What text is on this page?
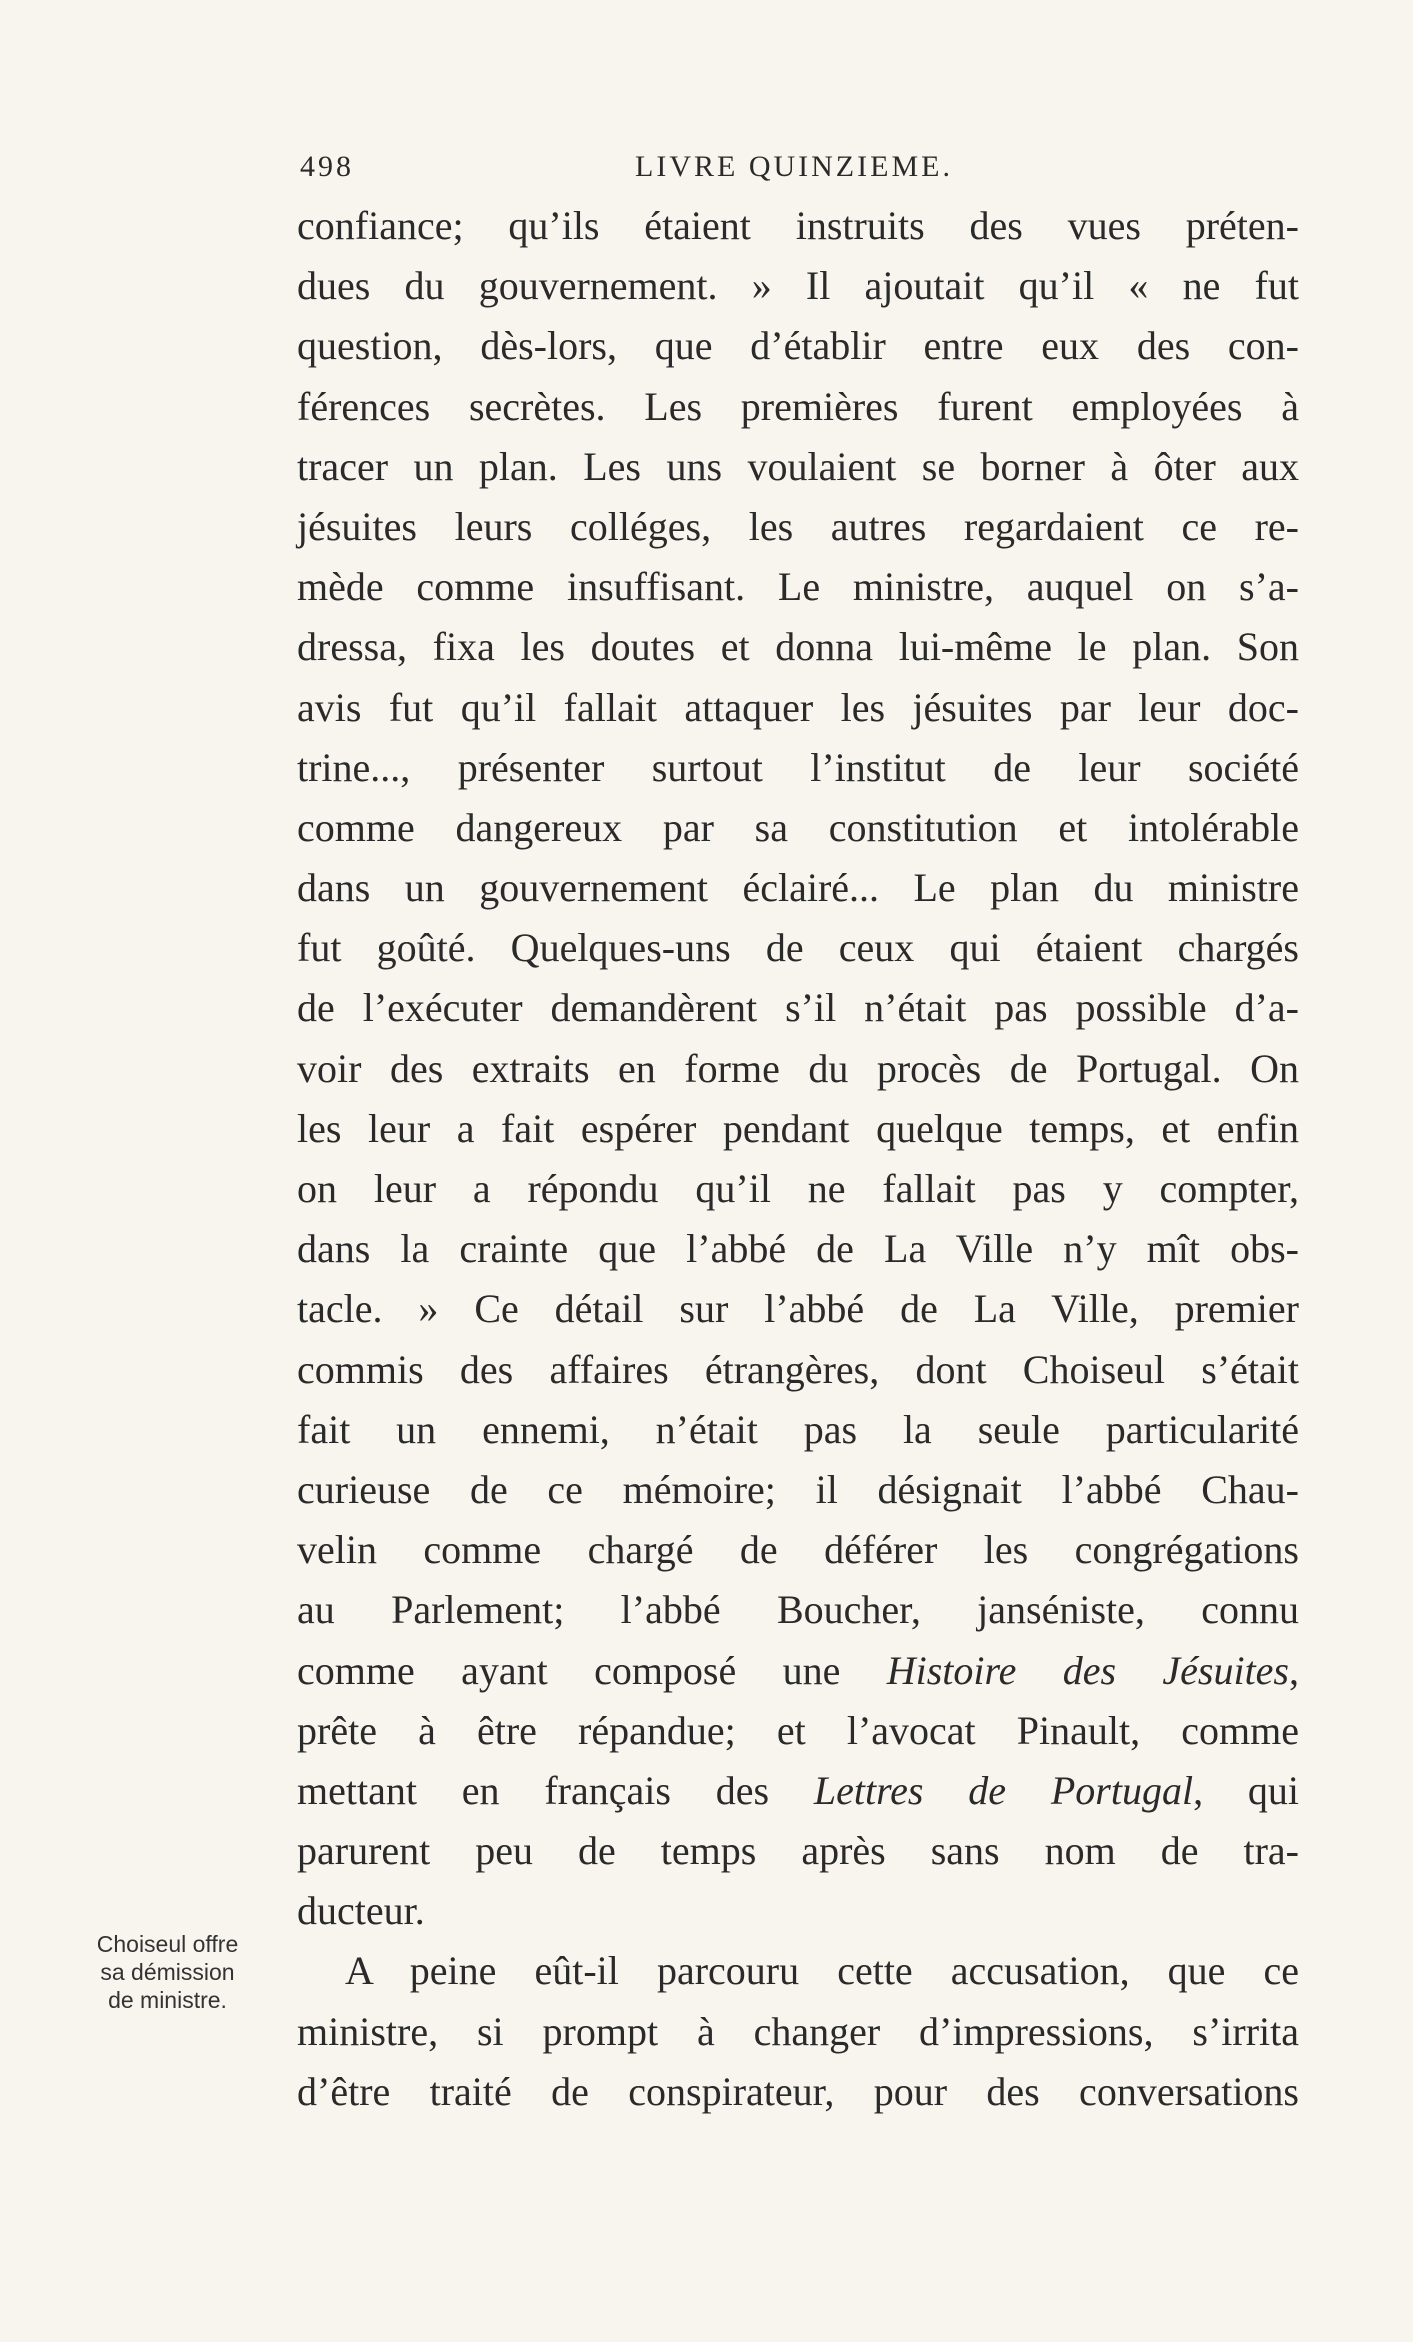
498	LIVRE QUINZIEME.
Choiseul offre
sa démission
de ministre.
confiance; qu’ils étaient instruits des vues préten-
dues du gouvernement. » Il ajoutait qu’il « ne fut
question, dès-lors, que d’établir entre eux des con-
férences secrètes. Les premières furent employées à
tracer un plan. Les uns voulaient se borner à ôter aux
jésuites leurs colléges, les autres regardaient ce re-
mède comme insuffisant. Le ministre, auquel on s’a-
dressa, fixa les doutes et donna lui-même le plan. Son
avis fut qu’il fallait attaquer les jésuites par leur doc-
trine..., présenter surtout l’institut de leur société
comme dangereux par sa constitution et intolérable
dans un gouvernement éclairé... Le plan du ministre
fut goûté. Quelques-uns de ceux qui étaient chargés
de l’exécuter demandèrent s’il n’était pas possible d’a-
voir des extraits en forme du procès de Portugal. On
les leur a fait espérer pendant quelque temps, et enfin
on leur a répondu qu’il ne fallait pas y compter,
dans la crainte que l’abbé de La Ville n’y mît obs-
tacle. » Ce détail sur l’abbé de La Ville, premier
commis des affaires étrangères, dont Choiseul s’était
fait un ennemi, n’était pas la seule particularité
curieuse de ce mémoire; il désignait l’abbé Chau-
velin comme chargé de déférer les congrégations
au Parlement; l’abbé Boucher, janséniste, connu
comme ayant composé une Histoire des Jésuites,
prête à être répandue; et l’avocat Pinault, comme
mettant en français des Lettres de Portugal, qui
parurent peu de temps après sans nom de tra-
ducteur.
A peine eût-il parcouru cette accusation, que ce
ministre, si prompt à changer d’impressions, s’irrita
d’être traité de conspirateur, pour des conversations
